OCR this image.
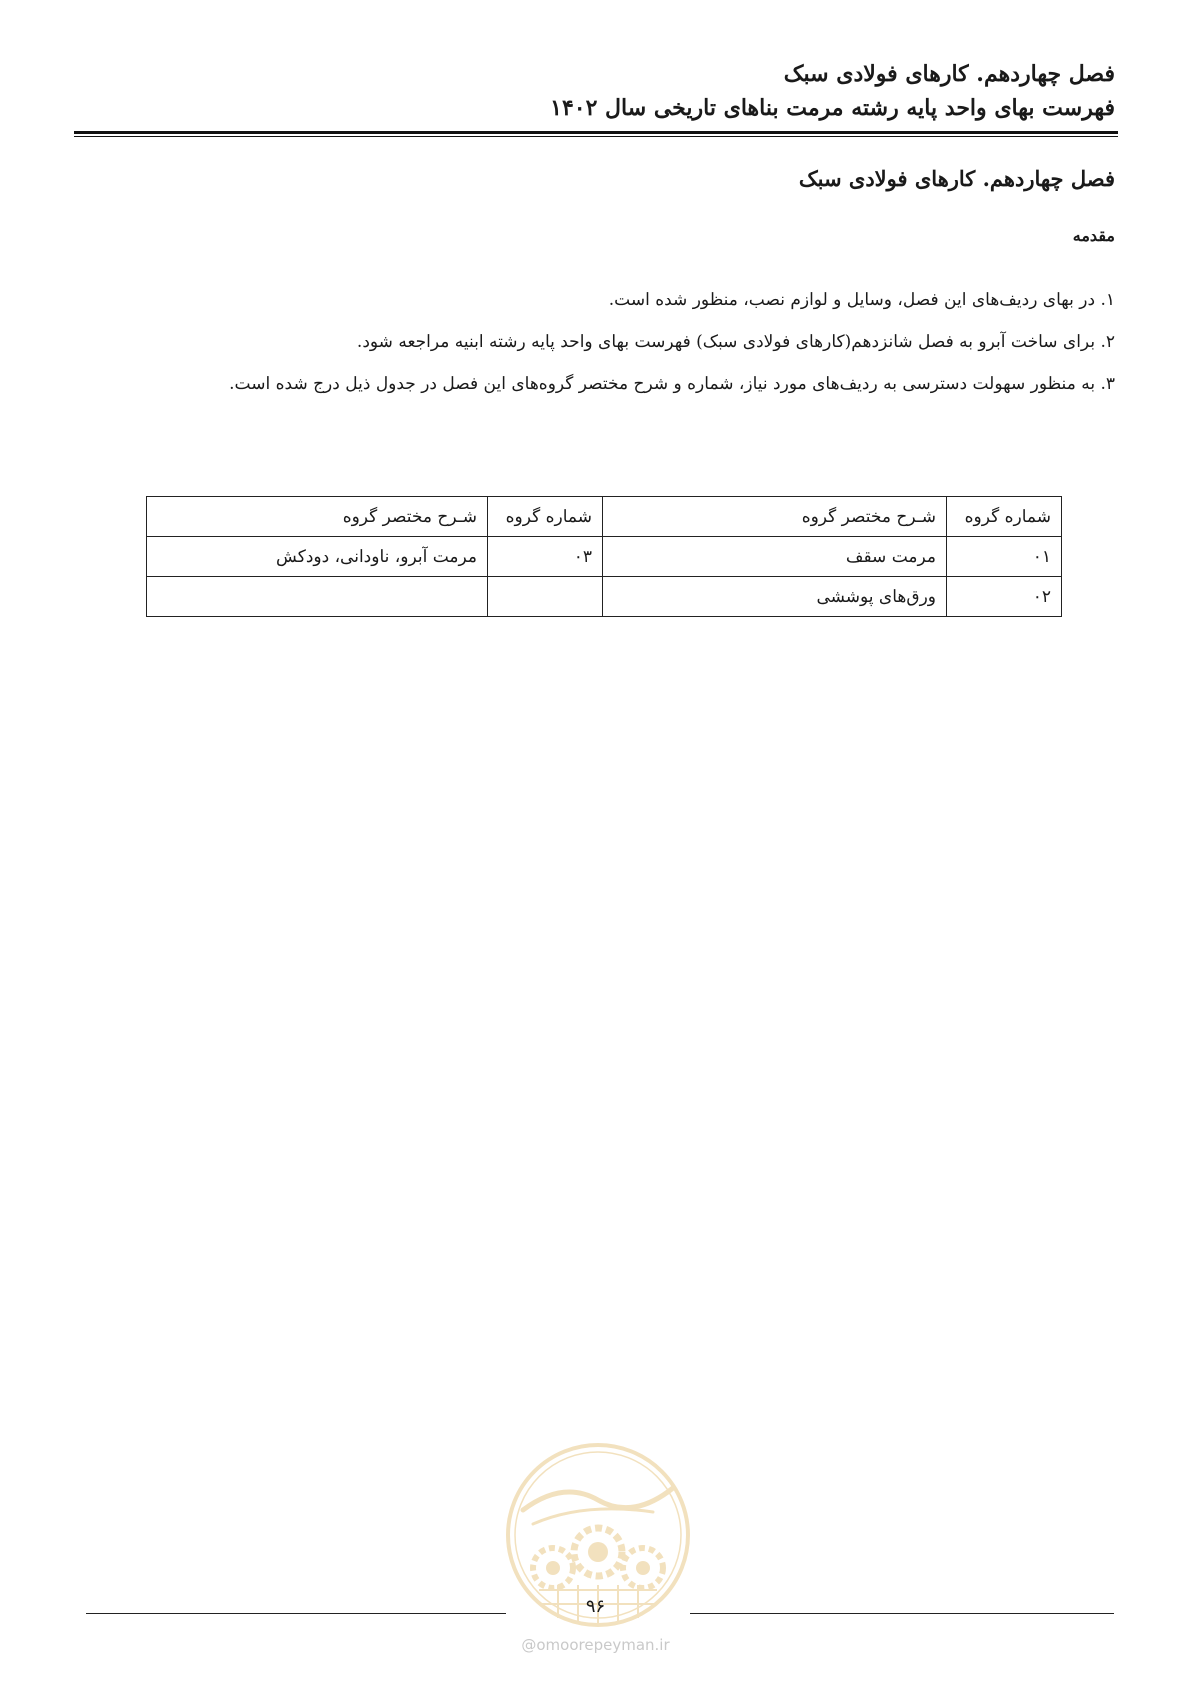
فصل چهاردهم. کارهای فولادی سبک
فهرست بهای واحد پایه رشته مرمت بناهای تاریخی سال ۱۴۰۲
فصل چهاردهم. کارهای فولادی سبک
مقدمه
۱. در بهای ردیف‌های این فصل، وسایل و لوازم نصب، منظور شده است.
۲. برای ساخت آبرو به فصل شانزدهم(کارهای فولادی سبک) فهرست بهای واحد پایه رشته ابنیه مراجعه شود.
۳. به منظور سهولت دسترسی به ردیف‌های مورد نیاز، شماره و شرح مختصر گروه‌های این فصل در جدول ذیل درج شده است.
شماره گروه	شـرح مختصر گروه	شماره گروه	شـرح مختصر گروه
۰۱	مرمت سقف	۰۳	مرمت آبرو، ناودانی، دودکش
۰۲	ورق‌های پوششی		
۹۶
@omoorepeyman.ir
